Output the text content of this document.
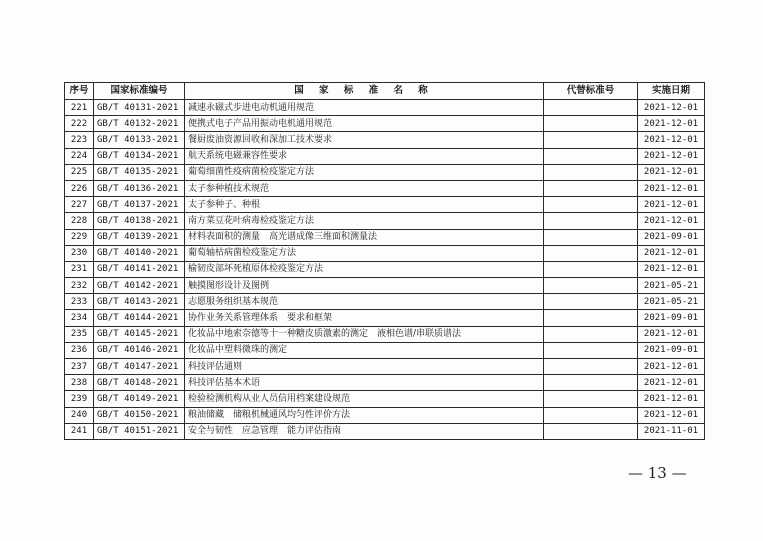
序号	国家标准编号	国 家 标 准 名 称	代替标准号	实施日期
221	GB/T 40131-2021	减速永磁式步进电动机通用规范		2021-12-01
222	GB/T 40132-2021	便携式电子产品用振动电机通用规范		2021-12-01
223	GB/T 40133-2021	餐厨废油资源回收和深加工技术要求		2021-12-01
224	GB/T 40134-2021	航天系统电磁兼容性要求		2021-12-01
225	GB/T 40135-2021	葡萄细菌性疫病菌检疫鉴定方法		2021-12-01
226	GB/T 40136-2021	太子参种植技术规范		2021-12-01
227	GB/T 40137-2021	太子参种子、种根		2021-12-01
228	GB/T 40138-2021	南方菜豆花叶病毒检疫鉴定方法		2021-12-01
229	GB/T 40139-2021	材料表面积的测量　高光谱成像三维面积测量法		2021-09-01
230	GB/T 40140-2021	葡萄轴枯病菌检疫鉴定方法		2021-12-01
231	GB/T 40141-2021	榆韧皮部坏死植原体检疫鉴定方法		2021-12-01
232	GB/T 40142-2021	触摸图形设计及图例		2021-05-21
233	GB/T 40143-2021	志愿服务组织基本规范		2021-05-21
234	GB/T 40144-2021	协作业务关系管理体系　要求和框架		2021-09-01
235	GB/T 40145-2021	化妆品中地索奈德等十一种糖皮质激素的测定　液相色谱/串联质谱法		2021-12-01
236	GB/T 40146-2021	化妆品中塑料微珠的测定		2021-09-01
237	GB/T 40147-2021	科技评估通则		2021-12-01
238	GB/T 40148-2021	科技评估基本术语		2021-12-01
239	GB/T 40149-2021	检验检测机构从业人员信用档案建设规范		2021-12-01
240	GB/T 40150-2021	粮油储藏　储粮机械通风均匀性评价方法		2021-12-01
241	GB/T 40151-2021	安全与韧性　应急管理　能力评估指南		2021-11-01
— 13 —
